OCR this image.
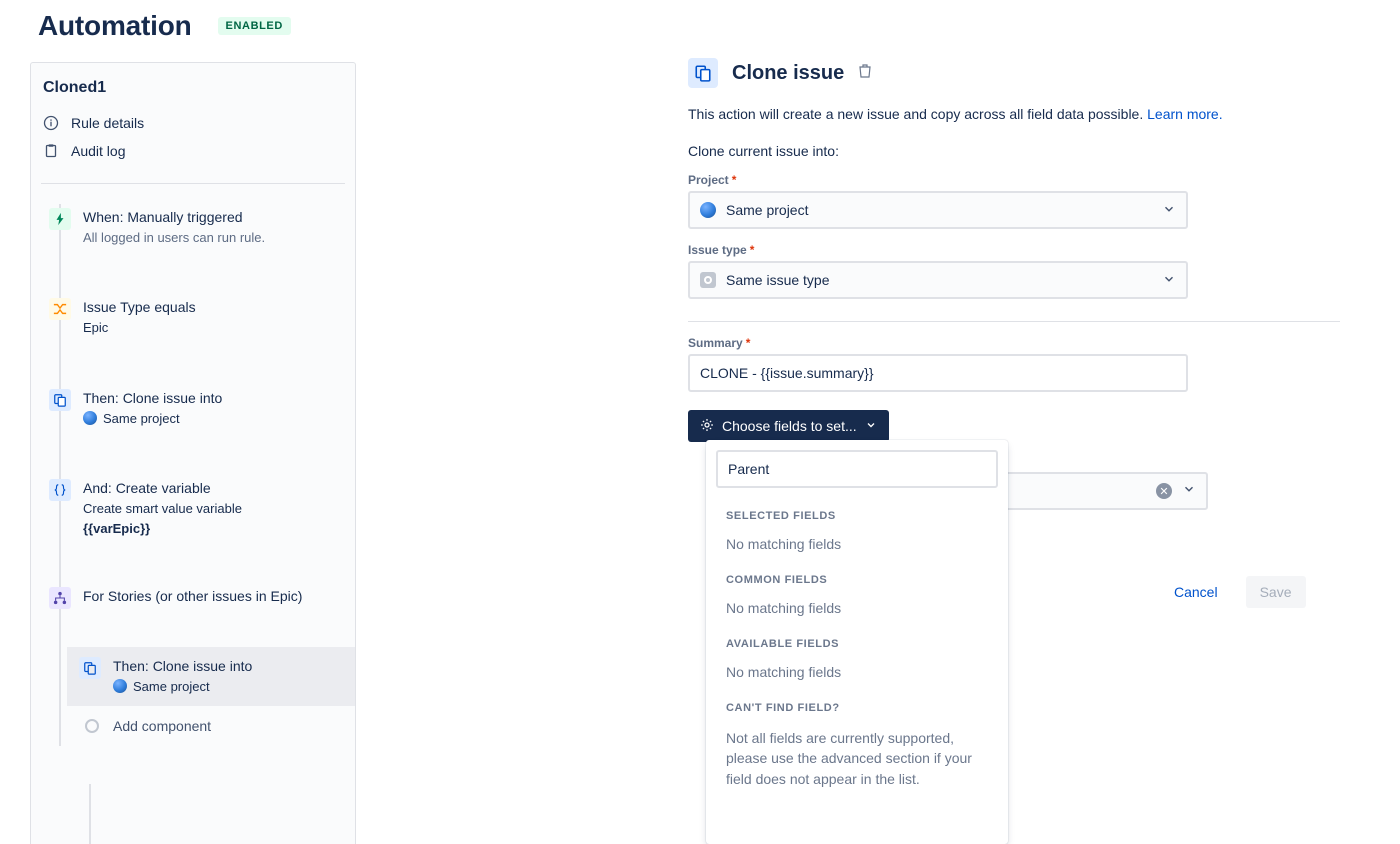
Automation	ENABLED
Cloned1
Rule details
Audit log
When: Manually triggered
All logged in users can run rule.
Issue Type equals
Epic
Then: Clone issue into
Same project
And: Create variable
Create smart value variable
{{varEpic}}
For Stories (or other issues in Epic)
Then: Clone issue into
Same project
Add component
Clone issue
This action will create a new issue and copy across all field data possible. Learn more.
Clone current issue into:
Project *
Same project
Issue type *
Same issue type
Summary *
CLONE - {{issue.summary}}
Choose fields to set...
✕
Cancel	Save
Parent
SELECTED FIELDS
No matching fields
COMMON FIELDS
No matching fields
AVAILABLE FIELDS
No matching fields
CAN'T FIND FIELD?
Not all fields are currently supported, please use the advanced section if your field does not appear in the list.
